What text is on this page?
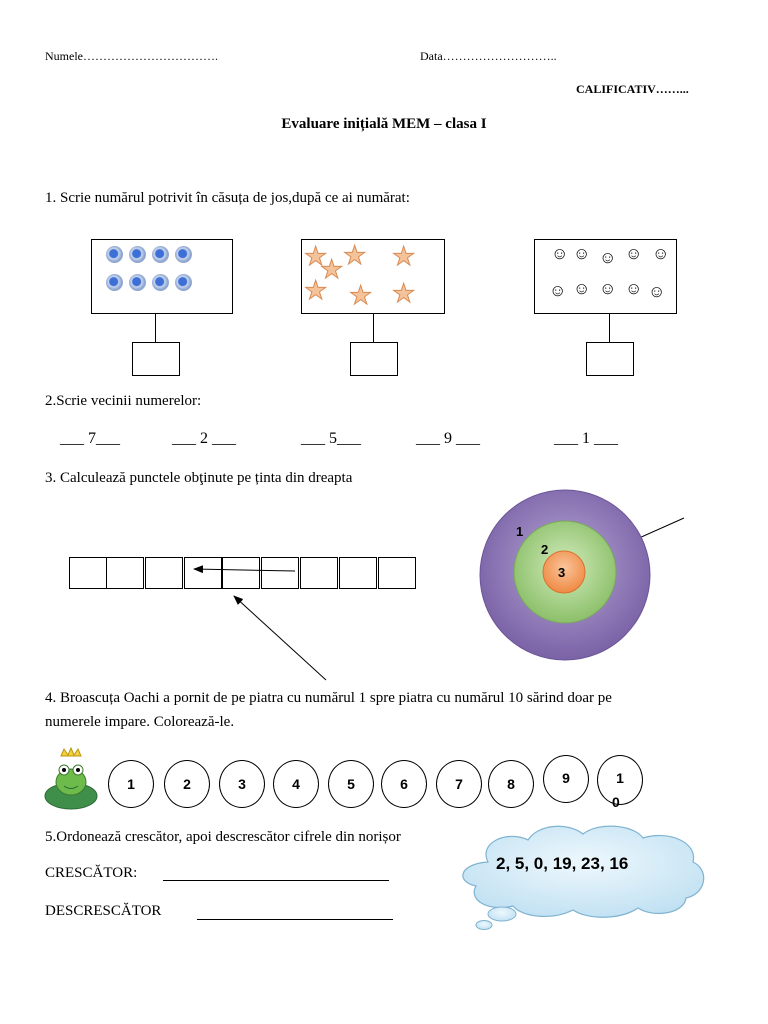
Numele…………………………….	Data………………………..
CALIFICATIV……...
Evaluare inițială MEM – clasa I
1. Scrie numărul potrivit în căsuța de jos,după ce ai numărat:
★
★ ★ ★
★ ★ ★
☺ ☺ ☺ ☺ ☺
☺ ☺ ☺ ☺ ☺
2.Scrie vecinii numerelor:
___ 7___	___ 2 ___	___ 5___	___ 9 ___	___ 1 ___
3. Calculează punctele obţinute pe ținta din dreapta
1
2
3
4. Broascuța Oachi a pornit de pe piatra cu numărul 1 spre piatra cu numărul 10 sărind doar pe
numerele impare. Colorează-le.
1	2	3	4	5	6	7	8	9	1
0
5.Ordonează crescător, apoi descrescător cifrele din norișor
CRESCĂTOR:
DESCRESCĂTOR
2, 5, 0, 19, 23, 16
